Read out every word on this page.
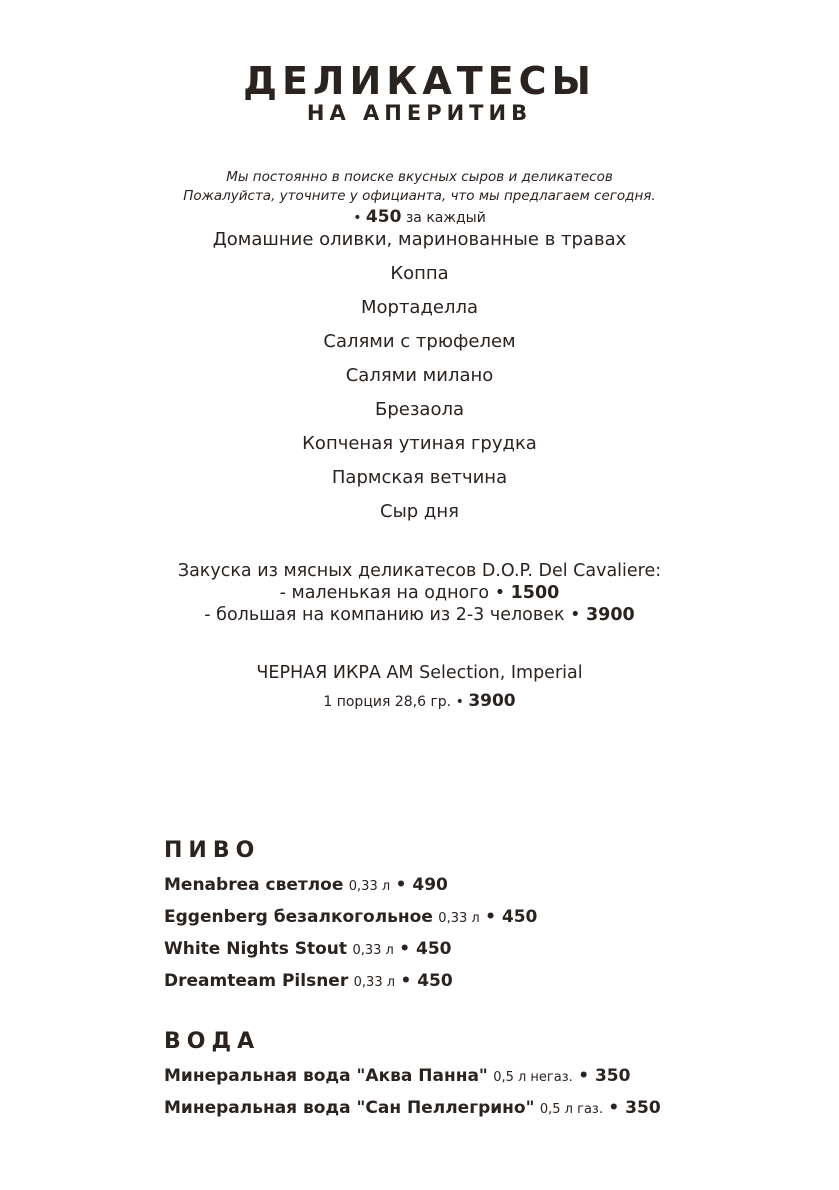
ДЕЛИКАТЕСЫ
НА АПЕРИТИВ
Мы постоянно в поиске вкусных сыров и деликатесов
Пожалуйста, уточните у официанта, что мы предлагаем сегодня.
• 450 за каждый
Домашние оливки, маринованные в травах
Коппа
Мортаделла
Салями с трюфелем
Салями милано
Брезаола
Копченая утиная грудка
Пармская ветчина
Сыр дня
Закуска из мясных деликатесов D.O.P. Del Cavaliere:
- маленькая на одного • 1500
- большая на компанию из 2-3 человек • 3900
ЧЕРНАЯ ИКРА AM Selection, Imperial
1 порция 28,6 гр. • 3900
ПИВО
Menabrea светлое 0,33 л • 490
Eggenberg безалкогольное 0,33 л • 450
White Nights Stout 0,33 л • 450
Dreamteam Pilsner 0,33 л • 450
ВОДА
Минеральная вода "Аква Панна" 0,5 л негаз. • 350
Минеральная вода "Сан Пеллегрино" 0,5 л газ. • 350
